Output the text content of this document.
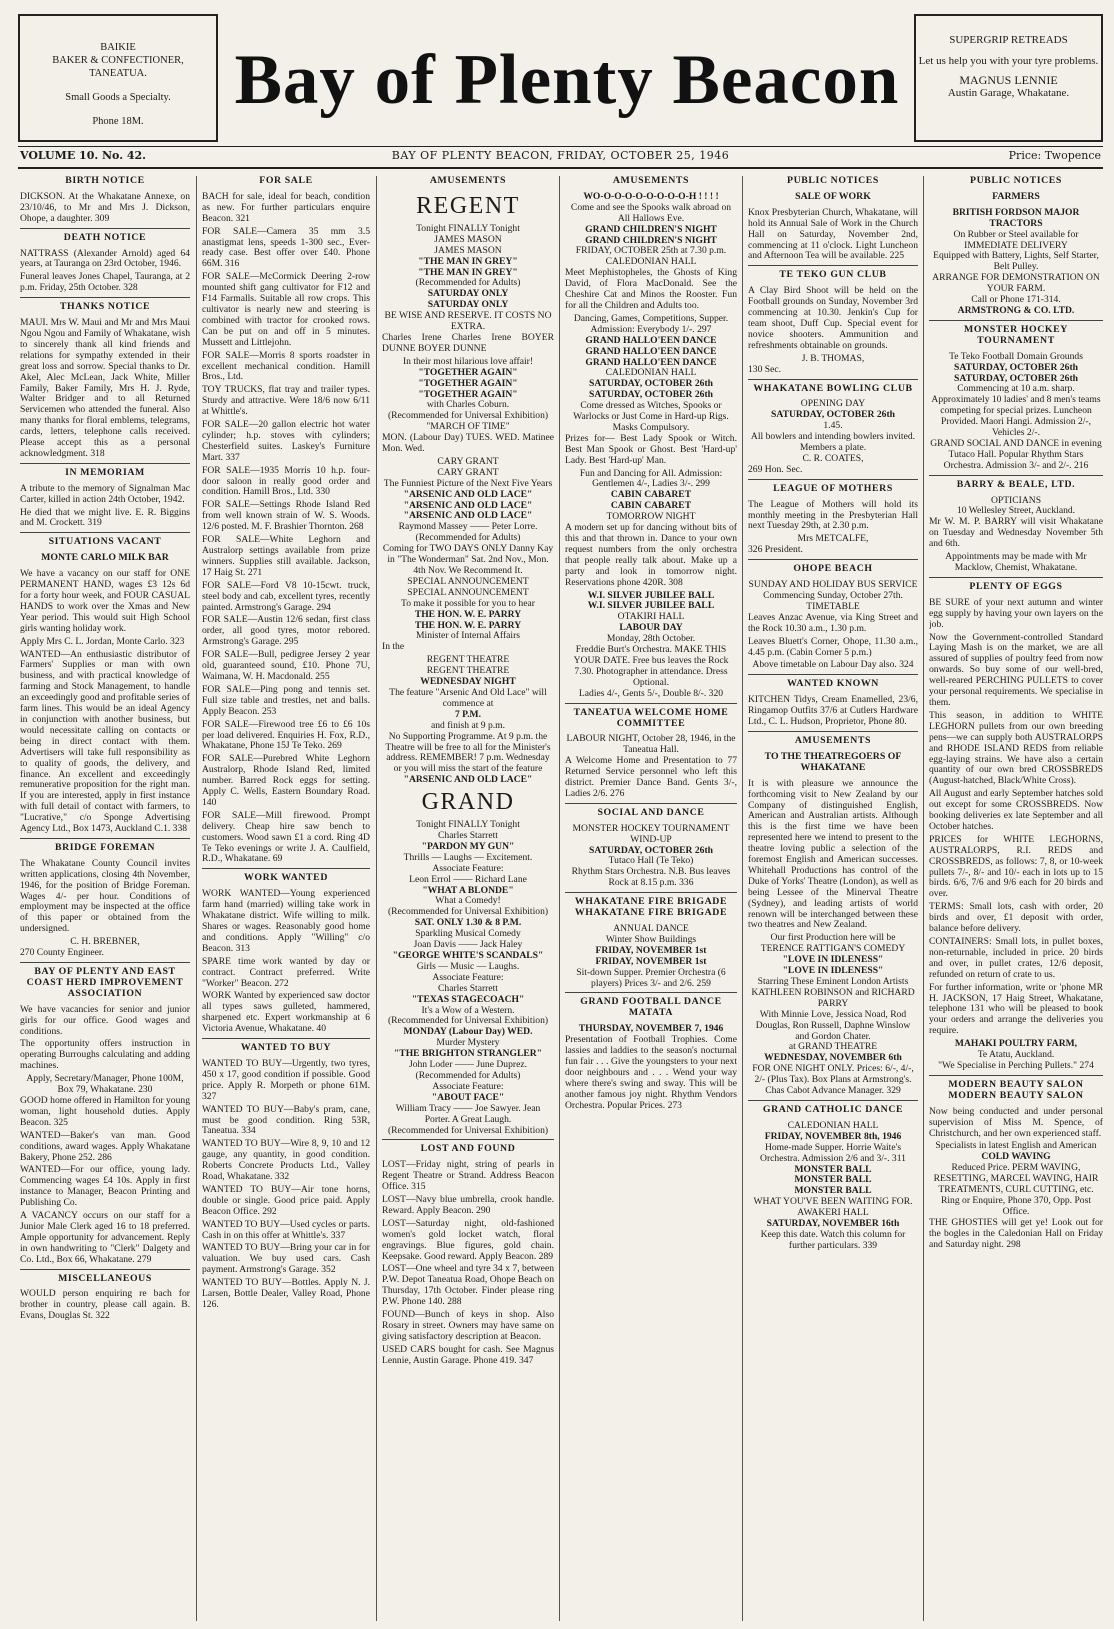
BAIKIE
BAKER & CONFECTIONER,
TANEATUA.
Small Goods a Specialty.
Phone 18M.
Bay of Plenty Beacon
SUPERGRIP RETREADS
Let us help you with your tyre problems.
MAGNUS LENNIE
Austin Garage, Whakatane.
VOLUME 10. No. 42.	BAY OF PLENTY BEACON, FRIDAY, OCTOBER 25, 1946	Price: Twopence
BIRTH NOTICE

DICKSON. At the Whakatane Annexe, on 23/10/46, to Mr and Mrs J. Dickson, Ohope, a daughter. 309

DEATH NOTICE

NATTRASS (Alexander Arnold) aged 64 years, at Tauranga on 23rd October, 1946.

Funeral leaves Jones Chapel, Tauranga, at 2 p.m. Friday, 25th October. 328

THANKS NOTICE

MAUI. Mrs W. Maui and Mr and Mrs Maui Ngou Ngou and Family of Whakatane, wish to sincerely thank all kind friends and relations for sympathy extended in their great loss and sorrow. Special thanks to Dr. Akel, Alec McLean, Jack White, Miller Family, Baker Family, Mrs H. J. Ryde, Walter Bridger and to all Returned Servicemen who attended the funeral. Also many thanks for floral emblems, telegrams, cards, letters, telephone calls received. Please accept this as a personal acknowledgment. 318

IN MEMORIAM

A tribute to the memory of Signalman Mac Carter, killed in action 24th October, 1942.

He died that we might live. E. R. Biggins and M. Crockett. 319

SITUATIONS VACANT
MONTE CARLO MILK BAR

We have a vacancy on our staff for ONE PERMANENT HAND, wages £3 12s 6d for a forty hour week, and FOUR CASUAL HANDS to work over the Xmas and New Year period. This would suit High School girls wanting holiday work.

Apply Mrs C. L. Jordan, Monte Carlo. 323

WANTED—An enthusiastic distributor of Farmers' Supplies or man with own business, and with practical knowledge of farming and Stock Management, to handle an exceedingly good and profitable series of farm lines. This would be an ideal Agency in conjunction with another business, but would necessitate calling on contacts or being in direct contact with them. Advertisers will take full responsibility as to quality of goods, the delivery, and finance. An excellent and exceedingly remunerative proposition for the right man. If you are interested, apply in first instance with full detail of contact with farmers, to "Lucrative," c/o Sponge Advertising Agency Ltd., Box 1473, Auckland C.1. 338

BRIDGE FOREMAN

The Whakatane County Council invites written applications, closing 4th November, 1946, for the position of Bridge Foreman. Wages 4/- per hour. Conditions of employment may be inspected at the office of this paper or obtained from the undersigned.

C. H. BREBNER,

270 County Engineer.

BAY OF PLENTY AND EAST COAST HERD IMPROVEMENT ASSOCIATION

We have vacancies for senior and junior girls for our office. Good wages and conditions.

The opportunity offers instruction in operating Burroughs calculating and adding machines.

Apply, Secretary/Manager, Phone 100M, Box 79, Whakatane. 230

GOOD home offered in Hamilton for young woman, light household duties. Apply Beacon. 325

WANTED—Baker's van man. Good conditions, award wages. Apply Whakatane Bakery, Phone 252. 286

WANTED—For our office, young lady. Commencing wages £4 10s. Apply in first instance to Manager, Beacon Printing and Publishing Co.

A VACANCY occurs on our staff for a Junior Male Clerk aged 16 to 18 preferred. Ample opportunity for advancement. Reply in own handwriting to "Clerk" Dalgety and Co. Ltd., Box 66, Whakatane. 279

MISCELLANEOUS

WOULD person enquiring re bach for brother in country, please call again. B. Evans, Douglas St. 322

FOR SALE

BACH for sale, ideal for beach, condition as new. For further particulars enquire Beacon. 321

FOR SALE—Camera 35 mm 3.5 anastigmat lens, speeds 1-300 sec., Ever-ready case. Best offer over £40. Phone 66M. 316

FOR SALE—McCormick Deering 2-row mounted shift gang cultivator for F12 and F14 Farmalls. Suitable all row crops. This cultivator is nearly new and steering is combined with tractor for crooked rows. Can be put on and off in 5 minutes. Mussett and Littlejohn.

FOR SALE—Morris 8 sports roadster in excellent mechanical condition. Hamill Bros., Ltd.

TOY TRUCKS, flat tray and trailer types. Sturdy and attractive. Were 18/6 now 6/11 at Whittle's.

FOR SALE—20 gallon electric hot water cylinder; h.p. stoves with cylinders; Chesterfield suites. Laskey's Furniture Mart. 337

FOR SALE—1935 Morris 10 h.p. four-door saloon in really good order and condition. Hamill Bros., Ltd. 330

FOR SALE—Settings Rhode Island Red from well known strain of W. S. Woods. 12/6 posted. M. F. Brashier Thornton. 268

FOR SALE—White Leghorn and Australorp settings available from prize winners. Supplies still available. Jackson, 17 Haig St. 271

FOR SALE—Ford V8 10-15cwt. truck, steel body and cab, excellent tyres, recently painted. Armstrong's Garage. 294

FOR SALE—Austin 12/6 sedan, first class order, all good tyres, motor rebored. Armstrong's Garage. 295

FOR SALE—Bull, pedigree Jersey 2 year old, guaranteed sound, £10. Phone 7U, Waimana, W. H. Macdonald. 255

FOR SALE—Ping pong and tennis set. Full size table and trestles, net and balls. Apply Beacon. 253

FOR SALE—Firewood tree £6 to £6 10s per load delivered. Enquiries H. Fox, R.D., Whakatane, Phone 15J Te Teko. 269

FOR SALE—Purebred White Leghorn Australorp, Rhode Island Red, limited number. Barred Rock eggs for setting. Apply C. Wells, Eastern Boundary Road. 140

FOR SALE—Mill firewood. Prompt delivery. Cheap hire saw bench to customers. Wood sawn £1 a cord. Ring 4D Te Teko evenings or write J. A. Caulfield, R.D., Whakatane. 69

WORK WANTED

WORK WANTED—Young experienced farm hand (married) willing take work in Whakatane district. Wife willing to milk. Shares or wages. Reasonably good home and conditions. Apply "Willing" c/o Beacon. 313

SPARE time work wanted by day or contract. Contract preferred. Write "Worker" Beacon. 272

WORK Wanted by experienced saw doctor all types saws gulleted, hammered, sharpened etc. Expert workmanship at 6 Victoria Avenue, Whakatane. 40

WANTED TO BUY

WANTED TO BUY—Urgently, two tyres, 450 x 17, good condition if possible. Good price. Apply R. Morpeth or phone 61M. 327

WANTED TO BUY—Baby's pram, cane, must be good condition. Ring 53R, Taneatua. 334

WANTED TO BUY—Wire 8, 9, 10 and 12 gauge, any quantity, in good condition. Roberts Concrete Products Ltd., Valley Road, Whakatane. 332

WANTED TO BUY—Air tone horns, double or single. Good price paid. Apply Beacon Office. 292

WANTED TO BUY—Used cycles or parts. Cash in on this offer at Whittle's. 337

WANTED TO BUY—Bring your car in for valuation. We buy used cars. Cash payment. Armstrong's Garage. 352

WANTED TO BUY—Bottles. Apply N. J. Larsen, Bottle Dealer, Valley Road, Phone 126.

AMUSEMENTS
REGENT
Tonight FINALLY Tonight
JAMES MASON
JAMES MASON
"THE MAN IN GREY"
"THE MAN IN GREY"
(Recommended for Adults)
SATURDAY ONLY
SATURDAY ONLY
BE WISE AND RESERVE. IT COSTS NO EXTRA.

Charles Irene Charles Irene BOYER DUNNE BOYER DUNNE

In their most hilarious love affair!
"TOGETHER AGAIN"
"TOGETHER AGAIN"
"TOGETHER AGAIN"
with Charles Coburn.
(Recommended for Universal Exhibition)
"MARCH OF TIME"

MON. (Labour Day) TUES. WED. Matinee Mon. Wed.

CARY GRANT
CARY GRANT
The Funniest Picture of the Next Five Years
"ARSENIC AND OLD LACE"
"ARSENIC AND OLD LACE"
"ARSENIC AND OLD LACE"
Raymond Massey —— Peter Lorre.
(Recommended for Adults)
Coming for TWO DAYS ONLY Danny Kay in "The Wonderman" Sat. 2nd Nov., Mon. 4th Nov. We Recommend It.
SPECIAL ANNOUNCEMENT
SPECIAL ANNOUNCEMENT
To make it possible for you to hear
THE HON. W. E. PARRY
THE HON. W. E. PARRY
Minister of Internal Affairs

In the

REGENT THEATRE
REGENT THEATRE
WEDNESDAY NIGHT
The feature "Arsenic And Old Lace" will commence at
7 P.M.
and finish at 9 p.m.
No Supporting Programme. At 9 p.m. the Theatre will be free to all for the Minister's address. REMEMBER! 7 p.m. Wednesday or you will miss the start of the feature
"ARSENIC AND OLD LACE"
GRAND
Tonight FINALLY Tonight
Charles Starrett
"PARDON MY GUN"
Thrills — Laughs — Excitement.
Associate Feature:
Leon Errol —— Richard Lane
"WHAT A BLONDE"
What a Comedy!
(Recommended for Universal Exhibition)
SAT. ONLY 1.30 & 8 P.M.
Sparkling Musical Comedy
Joan Davis —— Jack Haley
"GEORGE WHITE'S SCANDALS"
Girls — Music — Laughs.
Associate Feature:
Charles Starrett
"TEXAS STAGECOACH"
It's a Wow of a Western.
(Recommended for Universal Exhibition)
MONDAY (Labour Day) WED.
Murder Mystery
"THE BRIGHTON STRANGLER"
John Loder —— June Duprez.
(Recommended for Adults)
Associate Feature:
"ABOUT FACE"
William Tracy —— Joe Sawyer. Jean Porter. A Great Laugh.
(Recommended for Universal Exhibition)
LOST AND FOUND

LOST—Friday night, string of pearls in Regent Theatre or Strand. Address Beacon Office. 315

LOST—Navy blue umbrella, crook handle. Reward. Apply Beacon. 290

LOST—Saturday night, old-fashioned women's gold locket watch, floral engravings. Blue figures, gold chain. Keepsake. Good reward. Apply Beacon. 289

LOST—One wheel and tyre 34 x 7, between P.W. Depot Taneatua Road, Ohope Beach on Thursday, 17th October. Finder please ring P.W. Phone 140. 288

FOUND—Bunch of keys in shop. Also Rosary in street. Owners may have same on giving satisfactory description at Beacon.

USED CARS bought for cash. See Magnus Lennie, Austin Garage. Phone 419. 347

AMUSEMENTS
WO-O-O-O-O-O-O-O-O-H ! ! ! !
Come and see the Spooks walk abroad on All Hallows Eve.
GRAND CHILDREN'S NIGHT
GRAND CHILDREN'S NIGHT
FRIDAY, OCTOBER 25th at 7.30 p.m.
CALEDONIAN HALL

Meet Mephistopheles, the Ghosts of King David, of Flora MacDonald. See the Cheshire Cat and Minos the Rooster. Fun for all the Children and Adults too.

Dancing, Games, Competitions, Supper.
Admission: Everybody 1/-. 297
GRAND HALLO'EEN DANCE
GRAND HALLO'EEN DANCE
GRAND HALLO'EEN DANCE
CALEDONIAN HALL
SATURDAY, OCTOBER 26th
SATURDAY, OCTOBER 26th
Come dressed as Witches, Spooks or Warlocks or Just Come in Hard-up Rigs. Masks Compulsory.

Prizes for— Best Lady Spook or Witch. Best Man Spook or Ghost. Best 'Hard-up' Lady. Best 'Hard-up' Man.

Fun and Dancing for All. Admission: Gentlemen 4/-, Ladies 3/-. 299
CABIN CABARET
CABIN CABARET
TOMORROW NIGHT

A modern set up for dancing without bits of this and that thrown in. Dance to your own request numbers from the only orchestra that people really talk about. Make up a party and look in tomorrow night. Reservations phone 420R. 308

W.I. SILVER JUBILEE BALL
W.I. SILVER JUBILEE BALL
OTAKIRI HALL
LABOUR DAY
Monday, 28th October.
Freddie Burt's Orchestra. MAKE THIS YOUR DATE. Free bus leaves the Rock 7.30. Photographer in attendance. Dress Optional.
Ladies 4/-, Gents 5/-, Double 8/-. 320
TANEATUA WELCOME HOME COMMITTEE
LABOUR NIGHT, October 28, 1946, in the Taneatua Hall.

A Welcome Home and Presentation to 77 Returned Service personnel who left this district. Premier Dance Band. Gents 3/-, Ladies 2/6. 276

SOCIAL AND DANCE
MONSTER HOCKEY TOURNAMENT WIND-UP
SATURDAY, OCTOBER 26th
Tutaco Hall (Te Teko)
Rhythm Stars Orchestra. N.B. Bus leaves Rock at 8.15 p.m. 336
WHAKATANE FIRE BRIGADE WHAKATANE FIRE BRIGADE
ANNUAL DANCE
Winter Show Buildings
FRIDAY, NOVEMBER 1st
FRIDAY, NOVEMBER 1st
Sit-down Supper. Premier Orchestra (6 players) Prices 3/- and 2/6. 259
GRAND FOOTBALL DANCE MATATA
THURSDAY, NOVEMBER 7, 1946

Presentation of Football Trophies. Come lassies and laddies to the season's nocturnal fun fair . . . Give the youngsters to your next door neighbours and . . . Wend your way where there's swing and sway. This will be another famous joy night. Rhythm Vendors Orchestra. Popular Prices. 273

PUBLIC NOTICES
SALE OF WORK

Knox Presbyterian Church, Whakatane, will hold its Annual Sale of Work in the Church Hall on Saturday, November 2nd, commencing at 11 o'clock. Light Luncheon and Afternoon Tea will be available. 225

TE TEKO GUN CLUB

A Clay Bird Shoot will be held on the Football grounds on Sunday, November 3rd commencing at 10.30. Jenkin's Cup for team shoot, Duff Cup. Special event for novice shooters. Ammunition and refreshments obtainable on grounds.

J. B. THOMAS,

130 Sec.

WHAKATANE BOWLING CLUB
OPENING DAY
SATURDAY, OCTOBER 26th
1.45.
All bowlers and intending bowlers invited. Members a plate.
C. R. COATES,

269 Hon. Sec.

LEAGUE OF MOTHERS

The League of Mothers will hold its monthly meeting in the Presbyterian Hall next Tuesday 29th, at 2.30 p.m.

Mrs METCALFE,

326 President.

OHOPE BEACH
SUNDAY AND HOLIDAY BUS SERVICE
Commencing Sunday, October 27th.
TIMETABLE

Leaves Anzac Avenue, via King Street and the Rock 10.30 a.m., 1.30 p.m.

Leaves Bluett's Corner, Ohope, 11.30 a.m., 4.45 p.m. (Cabin Corner 5 p.m.)

Above timetable on Labour Day also. 324
WANTED KNOWN

KITCHEN Tidys, Cream Enamelled, 23/6, Ringamop Outfits 37/6 at Cutlers Hardware Ltd., C. L. Hudson, Proprietor, Phone 80.

AMUSEMENTS
TO THE THEATREGOERS OF WHAKATANE

It is with pleasure we announce the forthcoming visit to New Zealand by our Company of distinguished English, American and Australian artists. Although this is the first time we have been represented here we intend to present to the theatre loving public a selection of the foremost English and American successes. Whitehall Productions has control of the Duke of Yorks' Theatre (London), as well as being Lessee of the Minerval Theatre (Sydney), and leading artists of world renown will be interchanged between these two theatres and New Zealand.

Our first Production here will be TERENCE RATTIGAN'S COMEDY
"LOVE IN IDLENESS"
"LOVE IN IDLENESS"
Starring These Eminent London Artists KATHLEEN ROBINSON and RICHARD PARRY
With Minnie Love, Jessica Noad, Rod Douglas, Ron Russell, Daphne Winslow and Gordon Chater.
at GRAND THEATRE
WEDNESDAY, NOVEMBER 6th
FOR ONE NIGHT ONLY. Prices: 6/-, 4/-, 2/- (Plus Tax). Box Plans at Armstrong's. Chas Cabot Advance Manager. 329
GRAND CATHOLIC DANCE
CALEDONIAN HALL
FRIDAY, NOVEMBER 8th, 1946
Home-made Supper. Horrie Waite's Orchestra. Admission 2/6 and 3/-. 311
MONSTER BALL
MONSTER BALL
MONSTER BALL
WHAT YOU'VE BEEN WAITING FOR.
AWAKERI HALL
SATURDAY, NOVEMBER 16th
Keep this date. Watch this column for further particulars. 339
PUBLIC NOTICES
FARMERS
BRITISH FORDSON MAJOR TRACTORS
On Rubber or Steel available for IMMEDIATE DELIVERY
Equipped with Battery, Lights, Self Starter, Belt Pulley.
ARRANGE FOR DEMONSTRATION ON YOUR FARM.
Call or Phone 171-314.
ARMSTRONG & CO. LTD.
MONSTER HOCKEY TOURNAMENT
Te Teko Football Domain Grounds
SATURDAY, OCTOBER 26th
SATURDAY, OCTOBER 26th
Commencing at 10 a.m. sharp.
Approximately 10 ladies' and 8 men's teams competing for special prizes. Luncheon Provided. Maori Hangi. Admission 2/-, Vehicles 2/-.
GRAND SOCIAL AND DANCE in evening Tutaco Hall. Popular Rhythm Stars Orchestra. Admission 3/- and 2/-. 216
BARRY & BEALE, LTD.
OPTICIANS
10 Wellesley Street, Auckland.

Mr W. M. P. BARRY will visit Whakatane on Tuesday and Wednesday November 5th and 6th.

Appointments may be made with Mr Macklow, Chemist, Whakatane.
PLENTY OF EGGS

BE SURE of your next autumn and winter egg supply by having your own layers on the job.

Now the Government-controlled Standard Laying Mash is on the market, we are all assured of supplies of poultry feed from now onwards. So buy some of our well-bred, well-reared PERCHING PULLETS to cover your personal requirements. We specialise in them.

This season, in addition to WHITE LEGHORN pullets from our own breeding pens—we can supply both AUSTRALORPS and RHODE ISLAND REDS from reliable egg-laying strains. We have also a certain quantity of our own bred CROSSBREDS (August-hatched, Black/White Cross).

All August and early September hatches sold out except for some CROSSBREDS. Now booking deliveries ex late September and all October hatches.

PRICES for WHITE LEGHORNS, AUSTRALORPS, R.I. REDS and CROSSBREDS, as follows: 7, 8, or 10-week pullets 7/-, 8/- and 10/- each in lots up to 15 birds. 6/6, 7/6 and 9/6 each for 20 birds and over.

TERMS: Small lots, cash with order, 20 birds and over, £1 deposit with order, balance before delivery.

CONTAINERS: Small lots, in pullet boxes, non-returnable, included in price. 20 birds and over, in pullet crates, 12/6 deposit, refunded on return of crate to us.

For further information, write or 'phone MR H. JACKSON, 17 Haig Street, Whakatane, telephone 131 who will be pleased to book your orders and arrange the deliveries you require.

MAHAKI POULTRY FARM,
Te Atatu, Auckland.
"We Specialise in Perching Pullets." 274
MODERN BEAUTY SALON MODERN BEAUTY SALON

Now being conducted and under personal supervision of Miss M. Spence, of Christchurch, and her own experienced staff.

Specialists in latest English and American
COLD WAVING
Reduced Price. PERM WAVING, RESETTING, MARCEL WAVING, HAIR TREATMENTS, CURL CUTTING, etc.
Ring or Enquire, Phone 370, Opp. Post Office.

THE GHOSTIES will get ye! Look out for the bogles in the Caledonian Hall on Friday and Saturday night. 298
